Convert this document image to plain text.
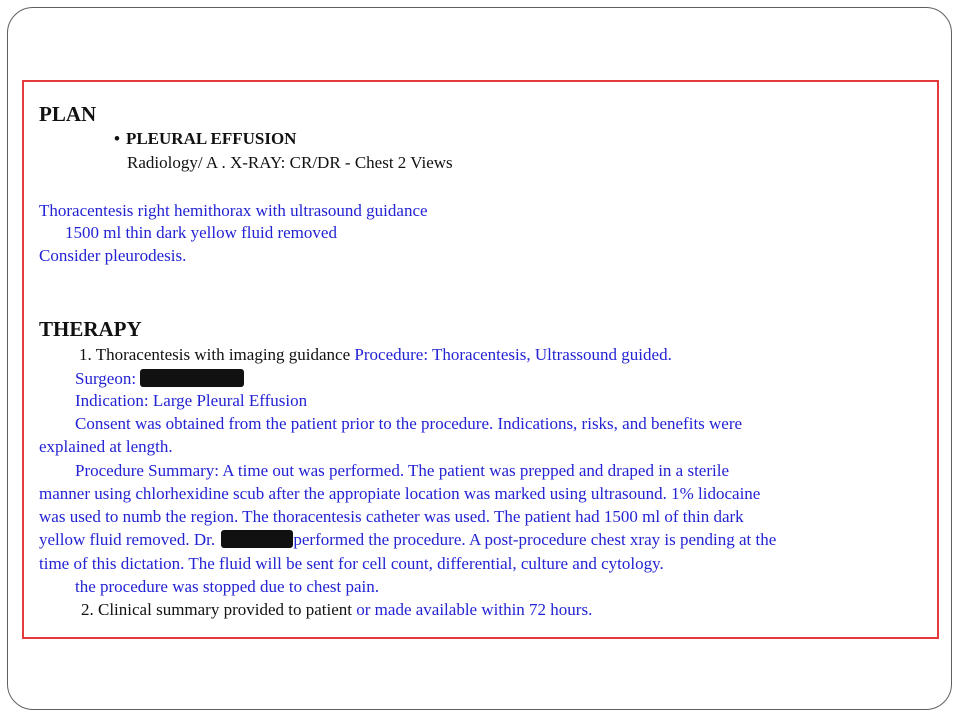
PLAN
• PLEURAL EFFUSION
Radiology/ A . X-RAY: CR/DR - Chest 2 Views
Thoracentesis right hemithorax with ultrasound guidance
1500 ml thin dark yellow fluid removed
Consider pleurodesis.
THERAPY
1. Thoracentesis with imaging guidance Procedure: Thoracentesis, Ultrassound guided.
Surgeon:
Indication: Large Pleural Effusion
Consent was obtained from the patient prior to the procedure. Indications, risks, and benefits were
explained at length.
Procedure Summary: A time out was performed. The patient was prepped and draped in a sterile
manner using chlorhexidine scub after the appropiate location was marked using ultrasound. 1% lidocaine
was used to numb the region. The thoracentesis catheter was used. The patient had 1500 ml of thin dark
yellow fluid removed. Dr.	performed the procedure. A post-procedure chest xray is pending at the
time of this dictation. The fluid will be sent for cell count, differential, culture and cytology.
the procedure was stopped due to chest pain.
2. Clinical summary provided to patient or made available within 72 hours.
